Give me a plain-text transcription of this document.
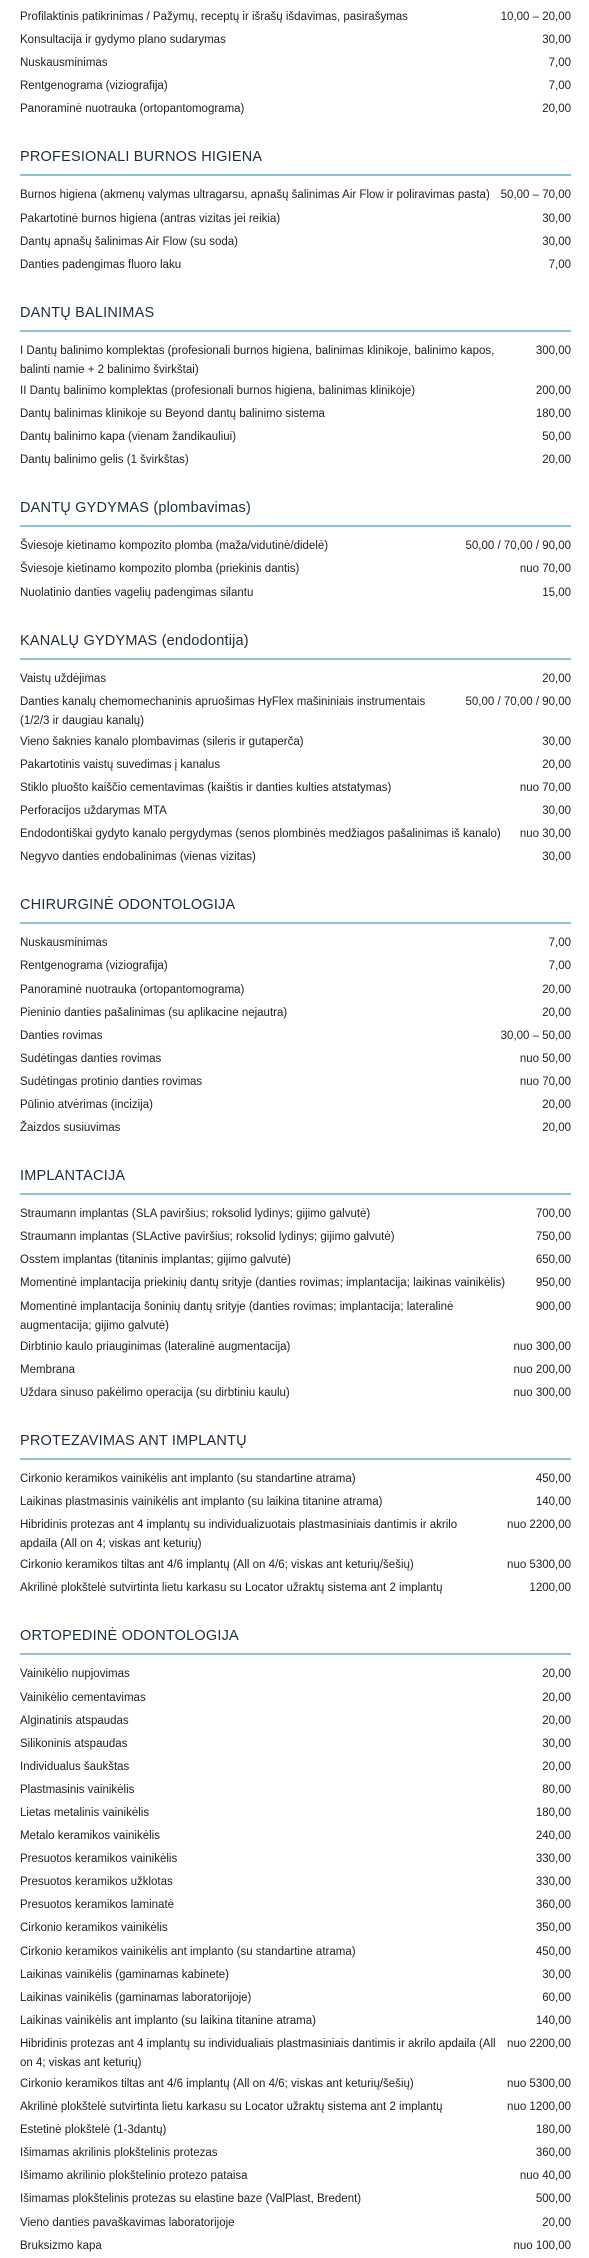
Profilaktinis patikrinimas / Pažymų, receptų ir išrašų išdavimas, pasirašymas	10,00 – 20,00
Konsultacija ir gydymo plano sudarymas	30,00
Nuskausminimas	7,00
Rentgenograma (viziografija)	7,00
Panoraminė nuotrauka (ortopantomograma)	20,00
PROFESIONALI BURNOS HIGIENA
Burnos higiena (akmenų valymas ultragarsu, apnašų šalinimas Air Flow ir poliravimas pasta) 50,00 – 70,00
Pakartotinė burnos higiena (antras vizitas jei reikia)	30,00
Dantų apnašų šalinimas Air Flow (su soda)	30,00
Danties padengimas fluoro laku	7,00
DANTŲ BALINIMAS
I Dantų balinimo komplektas (profesionali burnos higiena, balinimas klinikoje, balinimo kapos, balinti namie + 2 balinimo švirkštai)
300,00
II Dantų balinimo komplektas (profesionali burnos higiena, balinimas klinikoje)	200,00
Dantų balinimas klinikoje su Beyond dantų balinimo sistema	180,00
Dantų balinimo kapa (vienam žandikauliui)	50,00
Dantų balinimo gelis (1 švirkštas)	20,00
DANTŲ GYDYMAS (plombavimas)
Šviesoje kietinamo kompozito plomba (maža/vidutinė/didelė)	50,00 / 70,00 / 90,00
Šviesoje kietinamo kompozito plomba (priekinis dantis)	nuo 70,00
Nuolatinio danties vagelių padengimas silantu	15,00
KANALŲ GYDYMAS (endodontija)
Vaistų uždėjimas	20,00
Danties kanalų chemomechaninis apruošimas HyFlex mašininiais instrumentais (1/2/3 ir daugiau kanalų)
50,00 / 70,00 / 90,00
Vieno šaknies kanalo plombavimas (sileris ir gutaperča)	30,00
Pakartotinis vaistų suvedimas į kanalus	20,00
Stiklo pluošto kaiščio cementavimas (kaištis ir danties kulties atstatymas)	nuo 70,00
Perforacijos uždarymas MTA	30,00
Endodontiškai gydyto kanalo pergydymas (senos plombinės medžiagos pašalinimas iš kanalo)	nuo 30,00
Negyvo danties endobalinimas (vienas vizitas)	30,00
CHIRURGINĖ ODONTOLOGIJA
Nuskausminimas	7,00
Rentgenograma (viziografija)	7,00
Panoraminė nuotrauka (ortopantomograma)	20,00
Pieninio danties pašalinimas (su aplikacine nejautra)	20,00
Danties rovimas	30,00 – 50,00
Sudėtingas danties rovimas	nuo 50,00
Sudėtingas protinio danties rovimas	nuo 70,00
Pūlinio atvėrimas (incizija)	20,00
Žaizdos susiuvimas	20,00
IMPLANTACIJA
Straumann implantas (SLA paviršius; roksolid lydinys; gijimo galvutė)	700,00
Straumann implantas (SLActive paviršius; roksolid lydinys; gijimo galvutė)	750,00
Osstem implantas (titaninis implantas; gijimo galvutė)	650,00
Momentinė implantacija priekinių dantų srityje (danties rovimas; implantacija; laikinas vainikėlis)	950,00
Momentinė implantacija šoninių dantų srityje (danties rovimas; implantacija; lateralinė augmentacija; gijimo galvutė)
900,00
Dirbtinio kaulo priauginimas (lateralinė augmentacija)	nuo 300,00
Membrana	nuo 200,00
Uždara sinuso pakėlimo operacija (su dirbtiniu kaulu)	nuo 300,00
PROTEZAVIMAS ANT IMPLANTŲ
Cirkonio keramikos vainikėlis ant implanto (su standartine atrama)	450,00
Laikinas plastmasinis vainikėlis ant implanto (su laikina titanine atrama)	140,00
Hibridinis protezas ant 4 implantų su individualizuotais plastmasiniais dantimis ir akrilo apdaila (All on 4; viskas ant keturių)
nuo 2200,00
Cirkonio keramikos tiltas ant 4/6 implantų (All on 4/6; viskas ant keturių/šešių)	nuo 5300,00
Akrilinė plokštelė sutvirtinta lietu karkasu su Locator užraktų sistema ant 2 implantų	1200,00
ORTOPEDINĖ ODONTOLOGIJA
Vainikėlio nupjovimas	20,00
Vainikėlio cementavimas	20,00
Alginatinis atspaudas	20,00
Silikoninis atspaudas	30,00
Individualus šaukštas	20,00
Plastmasinis vainikėlis	80,00
Lietas metalinis vainikėlis	180,00
Metalo keramikos vainikėlis	240,00
Presuotos keramikos vainikėlis	330,00
Presuotos keramikos užklotas	330,00
Presuotos keramikos laminatė	360,00
Cirkonio keramikos vainikėlis	350,00
Cirkonio keramikos vainikėlis ant implanto (su standartine atrama)	450,00
Laikinas vainikėlis (gaminamas kabinete)	30,00
Laikinas vainikėlis (gaminamas laboratorijoje)	60,00
Laikinas vainikėlis ant implanto (su laikina titanine atrama)	140,00
Hibridinis protezas ant 4 implantų su individualiais plastmasiniais dantimis ir akrilo apdaila (All on 4; viskas ant keturių)
nuo 2200,00
Cirkonio keramikos tiltas ant 4/6 implantų (All on 4/6; viskas ant keturių/šešių)	nuo 5300,00
Akrilinė plokštelė sutvirtinta lietu karkasu su Locator užraktų sistema ant 2 implantų	nuo 1200,00
Estetinė plokštelė (1-3dantų)	180,00
Išimamas akrilinis plokštelinis protezas	360,00
Išimamo akrilinio plokštelinio protezo pataisa	nuo 40,00
Išimamas plokštelinis protezas su elastine baze (ValPlast, Bredent)	500,00
Vieno danties pavaškavimas laboratorijoje	20,00
Bruksizmo kapa	nuo 100,00
